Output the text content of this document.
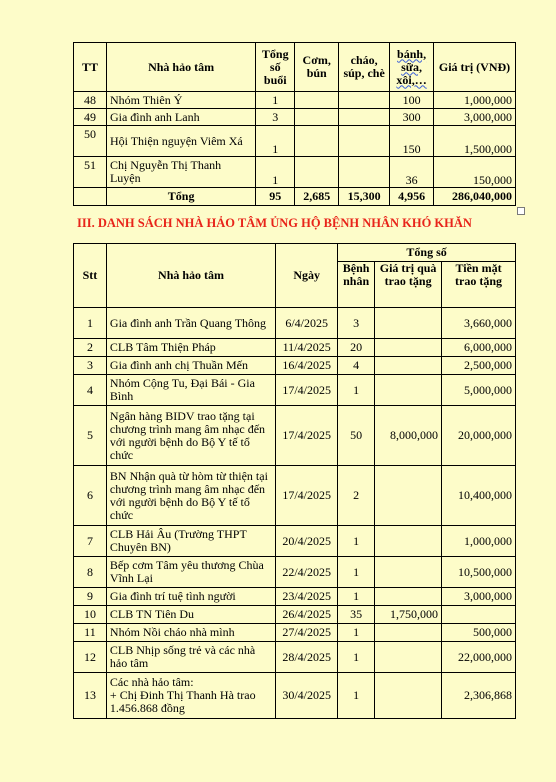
TT	Nhà hảo tâm	Tổng số buổi	Cơm, bún	cháo, súp, chè	bánh, sữa, xôi,…	Giá trị (VNĐ)
48	Nhóm Thiên Ý	1			100	1,000,000
49	Gia đình anh Lanh	3			300	3,000,000
50	Hội Thiện nguyện Viêm Xá	1			150	1,500,000
51	Chị Nguyễn Thị Thanh Luyện	1			36	150,000
	Tổng	95	2,685	15,300	4,956	286,040,000

III. DANH SÁCH NHÀ HẢO TÂM ỦNG HỘ BỆNH NHÂN KHÓ KHĂN

Stt	Nhà hảo tâm	Ngày	Tổng số		
			Bệnh nhân	Giá trị quà trao tặng	Tiền mặt trao tặng
1	Gia đình anh Trần Quang Thông	6/4/2025	3		3,660,000
2	CLB Tâm Thiện Pháp	11/4/2025	20		6,000,000
3	Gia đình anh chị Thuần Mến	16/4/2025	4		2,500,000
4	Nhóm Cộng Tu, Đại Bái - Gia Bình	17/4/2025	1		5,000,000
5	Ngân hàng BIDV trao tặng tại chương trình mang âm nhạc đến với người bệnh do Bộ Y tế tổ chức	17/4/2025	50	8,000,000	20,000,000
6	BN Nhận quà từ hòm từ thiện tại chương trình mang âm nhạc đến với người bệnh do Bộ Y tế tổ chức	17/4/2025	2		10,400,000
7	CLB Hải Âu (Trường THPT Chuyên BN)	20/4/2025	1		1,000,000
8	Bếp cơm Tâm yêu thương Chùa Vĩnh Lại	22/4/2025	1		10,500,000
9	Gia đình trí tuệ tình người	23/4/2025	1		3,000,000
10	CLB TN Tiên Du	26/4/2025	35	1,750,000	
11	Nhóm Nồi cháo nhà mình	27/4/2025	1		500,000
12	CLB Nhịp sống trẻ và các nhà hảo tâm	28/4/2025	1		22,000,000
13	Các nhà hảo tâm:
+ Chị Đinh Thị Thanh Hà trao 1.456.868 đồng	30/4/2025	1		2,306,868
